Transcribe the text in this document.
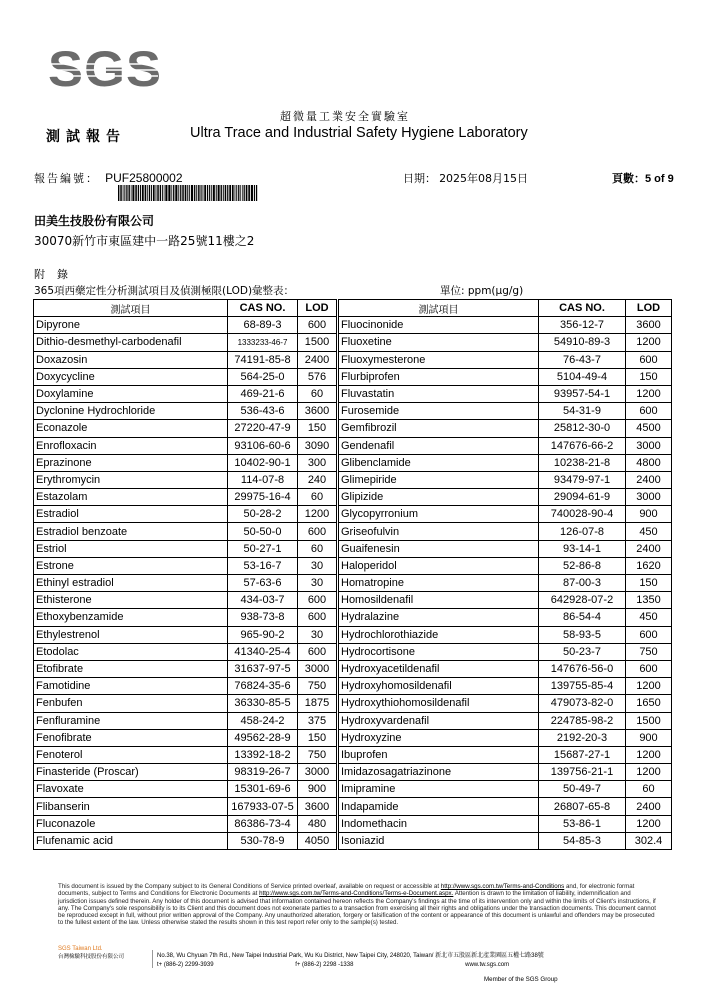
SGS
超微量工業安全實驗室
測試報告	Ultra Trace and Industrial Safety Hygiene Laboratory
報告編號： PUF25800002	日期： 2025年08月15日	頁數：5 of 9
田美生技股份有限公司
30070新竹市東區建中一路25號11樓之2
附錄
365項西藥定性分析測試項目及偵測極限(LOD)彙整表：	單位: ppm(μg/g)
測試項目	CAS NO.	LOD	測試項目	CAS NO.	LOD
Dipyrone	68-89-3	600	Fluocinonide	356-12-7	3600
Dithio-desmethyl-carbodenafil	1333233-46-7	1500	Fluoxetine	54910-89-3	1200
Doxazosin	74191-85-8	2400	Fluoxymesterone	76-43-7	600
Doxycycline	564-25-0	576	Flurbiprofen	5104-49-4	150
Doxylamine	469-21-6	60	Fluvastatin	93957-54-1	1200
Dyclonine Hydrochloride	536-43-6	3600	Furosemide	54-31-9	600
Econazole	27220-47-9	150	Gemfibrozil	25812-30-0	4500
Enrofloxacin	93106-60-6	3090	Gendenafil	147676-66-2	3000
Eprazinone	10402-90-1	300	Glibenclamide	10238-21-8	4800
Erythromycin	114-07-8	240	Glimepiride	93479-97-1	2400
Estazolam	29975-16-4	60	Glipizide	29094-61-9	3000
Estradiol	50-28-2	1200	Glycopyrronium	740028-90-4	900
Estradiol benzoate	50-50-0	600	Griseofulvin	126-07-8	450
Estriol	50-27-1	60	Guaifenesin	93-14-1	2400
Estrone	53-16-7	30	Haloperidol	52-86-8	1620
Ethinyl estradiol	57-63-6	30	Homatropine	87-00-3	150
Ethisterone	434-03-7	600	Homosildenafil	642928-07-2	1350
Ethoxybenzamide	938-73-8	600	Hydralazine	86-54-4	450
Ethylestrenol	965-90-2	30	Hydrochlorothiazide	58-93-5	600
Etodolac	41340-25-4	600	Hydrocortisone	50-23-7	750
Etofibrate	31637-97-5	3000	Hydroxyacetildenafil	147676-56-0	600
Famotidine	76824-35-6	750	Hydroxyhomosildenafil	139755-85-4	1200
Fenbufen	36330-85-5	1875	Hydroxythiohomosildenafil	479073-82-0	1650
Fenfluramine	458-24-2	375	Hydroxyvardenafil	224785-98-2	1500
Fenofibrate	49562-28-9	150	Hydroxyzine	2192-20-3	900
Fenoterol	13392-18-2	750	Ibuprofen	15687-27-1	1200
Finasteride (Proscar)	98319-26-7	3000	Imidazosagatriazinone	139756-21-1	1200
Flavoxate	15301-69-6	900	Imipramine	50-49-7	60
Flibanserin	167933-07-5	3600	Indapamide	26807-65-8	2400
Fluconazole	86386-73-4	480	Indomethacin	53-86-1	1200
Flufenamic acid	530-78-9	4050	Isoniazid	54-85-3	302.4
This document is issued by the Company subject to its General Conditions of Service printed overleaf, available on request or accessible at http://www.sgs.com.tw/Terms-and-Conditions and, for electronic format documents, subject to Terms and Conditions for Electronic Documents at http://www.sgs.com.tw/Terms-and-Conditions/Terms-e-Document.aspx. Attention is drawn to the limitation of liability, indemnification and jurisdiction issues defined therein. Any holder of this document is advised that information contained hereon reflects the Company's findings at the time of its intervention only and within the limits of Client's instructions, if any. The Company's sole responsibility is to its Client and this document does not exonerate parties to a transaction from exercising all their rights and obligations under the transaction documents. This document cannot be reproduced except in full, without prior written approval of the Company. Any unauthorized alteration, forgery or falsification of the content or appearance of this document is unlawful and offenders may be prosecuted to the fullest extent of the law. Unless otherwise stated the results shown in this test report refer only to the sample(s) tested.
SGS Taiwan Ltd.
台灣檢驗科技股份有限公司	No.38, Wu Chyuan 7th Rd., New Taipei Industrial Park, Wu Ku District, New Taipei City, 248020, Taiwan/ 新北市五股區新北產業園區五權七路38號
t+ (886-2) 2299-3939	f+ (886-2) 2298 -1338	www.tw.sgs.com
Member of the SGS Group
